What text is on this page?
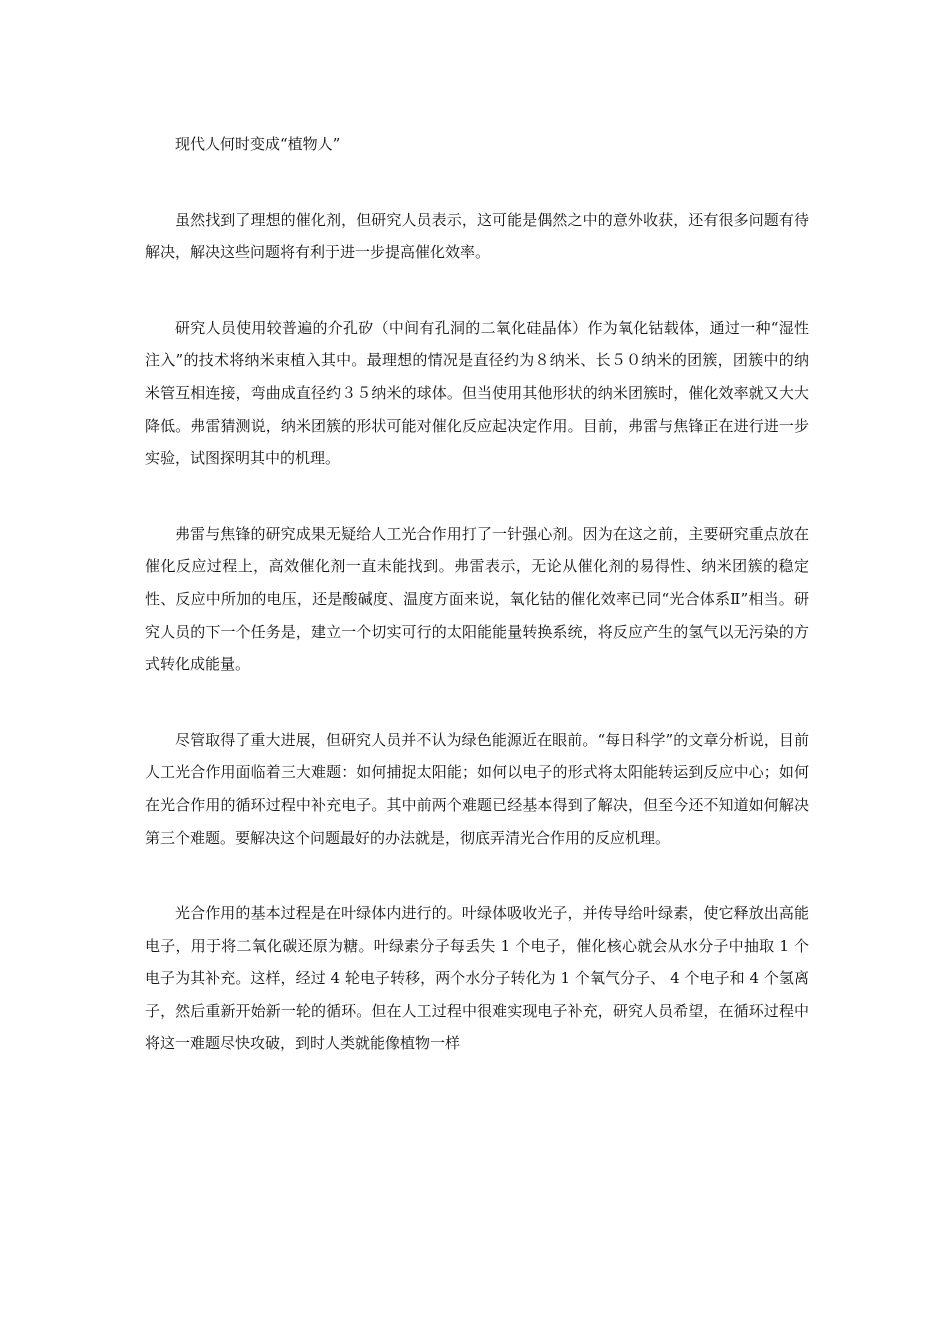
现代人何时变成“植物人”

虽然找到了理想的催化剂，但研究人员表示，这可能是偶然之中的意外收获，还有很多问题有待解决，解决这些问题将有利于进一步提高催化效率。

研究人员使用较普遍的介孔矽（中间有孔洞的二氧化硅晶体）作为氧化钴载体，通过一种“湿性注入”的技术将纳米束植入其中。最理想的情况是直径约为８纳米、长５０纳米的团簇，团簇中的纳米管互相连接，弯曲成直径约３５纳米的球体。但当使用其他形状的纳米团簇时，催化效率就又大大降低。弗雷猜测说，纳米团簇的形状可能对催化反应起决定作用。目前，弗雷与焦锋正在进行进一步实验，试图探明其中的机理。

弗雷与焦锋的研究成果无疑给人工光合作用打了一针强心剂。因为在这之前，主要研究重点放在催化反应过程上，高效催化剂一直未能找到。弗雷表示，无论从催化剂的易得性、纳米团簇的稳定性、反应中所加的电压，还是酸碱度、温度方面来说，氧化钴的催化效率已同“光合体系Ⅱ”相当。研究人员的下一个任务是，建立一个切实可行的太阳能能量转换系统，将反应产生的氢气以无污染的方式转化成能量。

尽管取得了重大进展，但研究人员并不认为绿色能源近在眼前。“每日科学”的文章分析说，目前人工光合作用面临着三大难题：如何捕捉太阳能；如何以电子的形式将太阳能转运到反应中心；如何在光合作用的循环过程中补充电子。其中前两个难题已经基本得到了解决，但至今还不知道如何解决第三个难题。要解决这个问题最好的办法就是，彻底弄清光合作用的反应机理。

光合作用的基本过程是在叶绿体内进行的。叶绿体吸收光子，并传导给叶绿素，使它释放出高能电子，用于将二氧化碳还原为糖。叶绿素分子每丢失 1 个电子，催化核心就会从水分子中抽取 1 个电子为其补充。这样，经过 4 轮电子转移，两个水分子转化为 1 个氧气分子、 4 个电子和 4 个氢离子，然后重新开始新一轮的循环。但在人工过程中很难实现电子补充，研究人员希望，在循环过程中将这一难题尽快攻破，到时人类就能像植物一样
